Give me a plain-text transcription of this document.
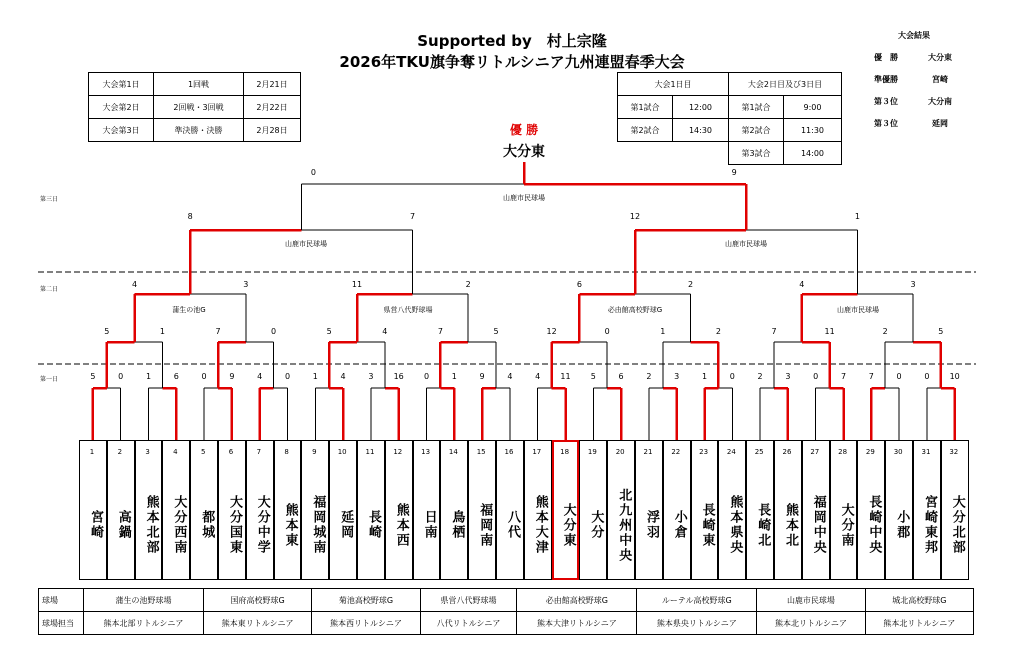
Supported by　村上宗隆
2026年TKU旗争奪リトルシニア九州連盟春季大会
大会第1日	1回戦	2月21日
大会第2日	2回戦・3回戦	2月22日
大会第3日	準決勝・決勝	2月28日
大会1日目		大会2日目及び3日目	
第1試合	12:00	第1試合	9:00
第2試合	14:30	第2試合	11:30
		第3試合	14:00
大会結果
優　勝	大分東
準優勝	宮崎
第３位	大分南
第３位	延岡
優 勝
大分東
第三日
第二日
第一日
山鹿市民球場
山鹿市民球場	山鹿市民球場
蒲生の池G	県営八代野球場	必由館高校野球G	山鹿市民球場
5	0	1	6	0	9	4	0	1	4	3	16	0	1	9	4	4	11	5	6	2	3	1	0	2	3	0	7	7	0	0	10
5	1	7	0	5	4	7	5	12	0	1	2	7	11	2	5
4	3	11	2	6	2	4	3
8	7	12	1
0	9
1
宮崎
2
高鍋
3
熊本北部
4
大分西南
5
都城
6
大分国東
7
大分中学
8
熊本東
9
福岡城南
10
延岡
11
長崎
12
熊本西
13
日南
14
鳥栖
15
福岡南
16
八代
17
熊本大津
18
大分東
19
大分
20
北九州中央
21
浮羽
22
小倉
23
長崎東
24
熊本県央
25
長崎北
26
熊本北
27
福岡中央
28
大分南
29
長崎中央
30
小郡
31
宮崎東邦
32
大分北部
球場	蒲生の池野球場	国府高校野球G	菊池高校野球G	県営八代野球場	必由館高校野球G	ルーテル高校野球G	山鹿市民球場	城北高校野球G
球場担当	熊本北部リトルシニア	熊本東リトルシニア	熊本西リトルシニア	八代リトルシニア	熊本大津リトルシニア	熊本県央リトルシニア	熊本北リトルシニア	熊本北リトルシニア
